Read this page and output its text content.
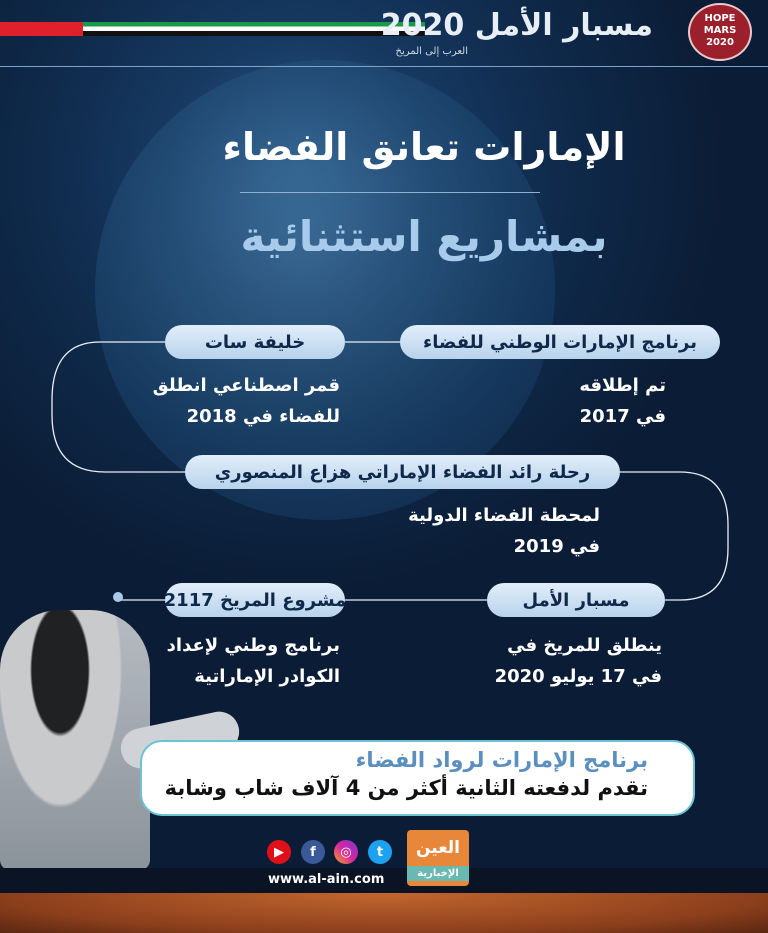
مسبار الأمل 2020
العرب إلى المريخ
HOPE
MARS
2020
الإمارات تعانق الفضاء
بمشاريع استثنائية
برنامج الإمارات الوطني للفضاء
تم إطلاقه
في 2017
خليفة سات
قمر اصطناعي انطلق
للفضاء في 2018
رحلة رائد الفضاء الإماراتي هزاع المنصوري
لمحطة الفضاء الدولية
في 2019
مسبار الأمل
ينطلق للمريخ في
في 17 يوليو 2020
مشروع المريخ 2117
برنامج وطني لإعداد
الكوادر الإماراتية
برنامج الإمارات لرواد الفضاء
تقدم لدفعته الثانية أكثر من 4 آلاف شاب وشابة
▶	f	◎	t
www.al-ain.com
العين
الإخبارية
